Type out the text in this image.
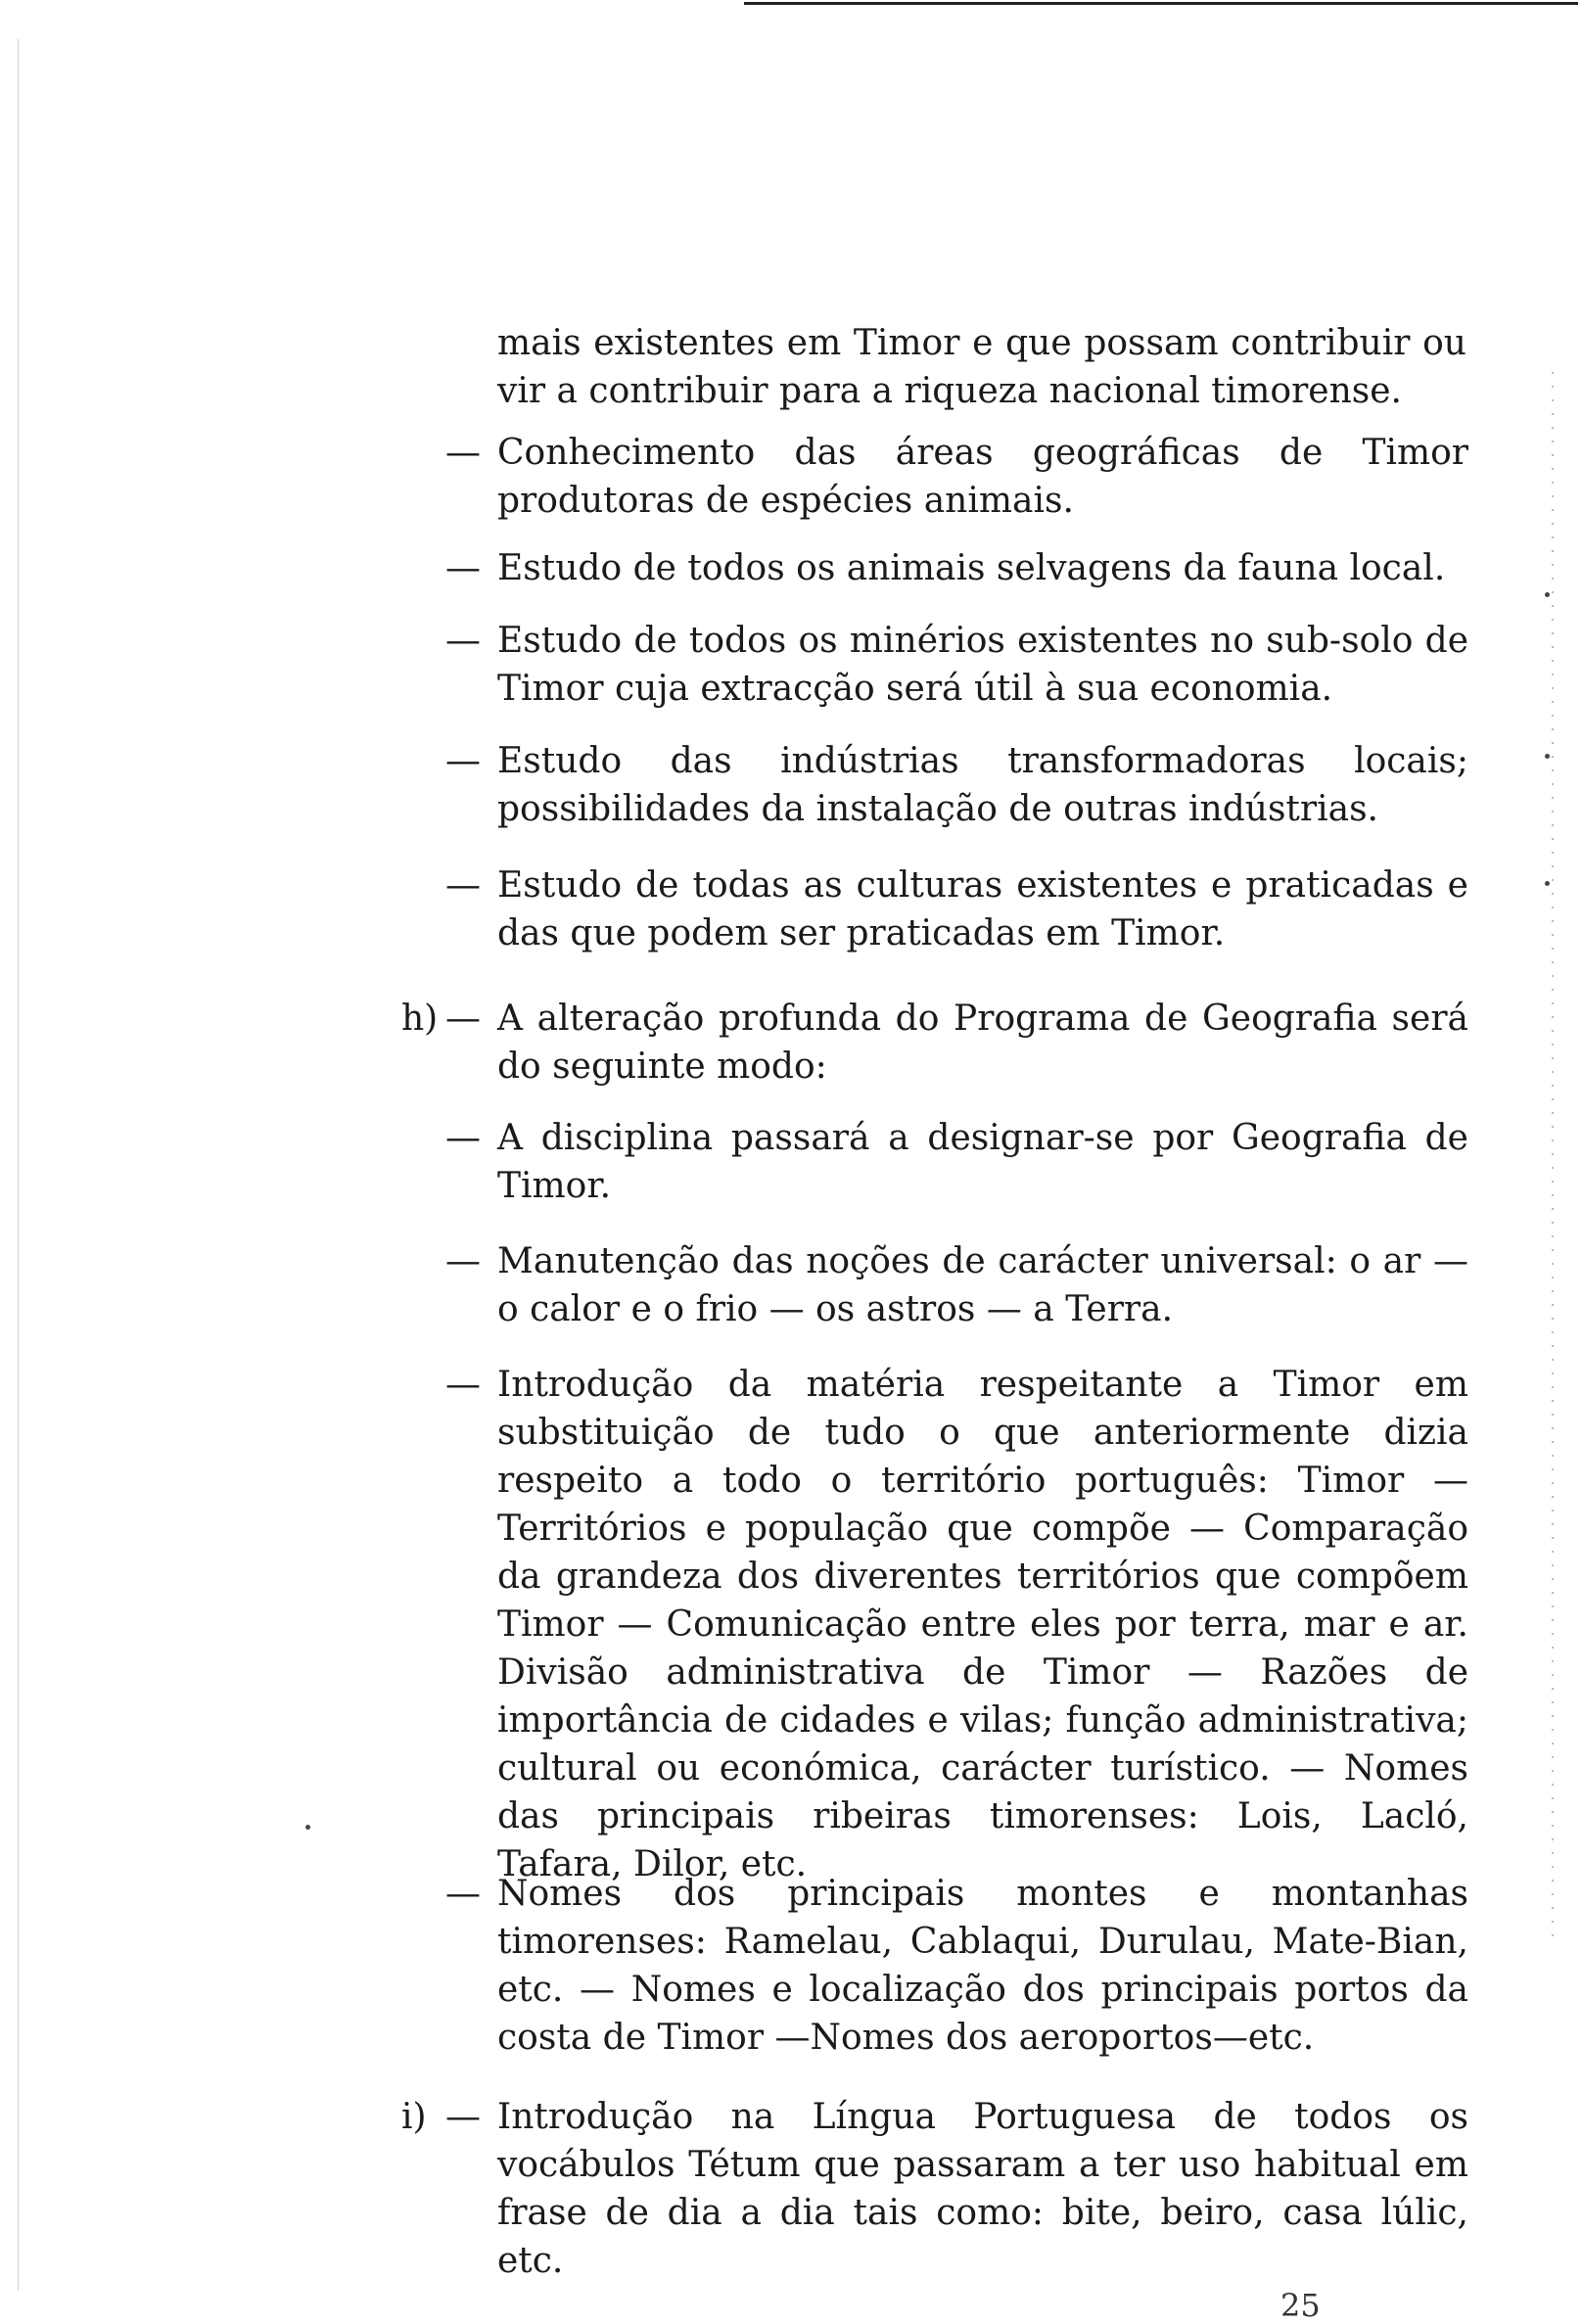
mais existentes em Timor e que possam contribuir ou vir a contribuir para a riqueza nacional timorense.
— Conhecimento das áreas geográficas de Timor produtoras de espécies animais.
— Estudo de todos os animais selvagens da fauna local.
— Estudo de todos os minérios existentes no sub-solo de Timor cuja extracção será útil à sua economia.
— Estudo das indústrias transformadoras locais; possibilidades da instalação de outras indústrias.
— Estudo de todas as culturas existentes e praticadas e das que podem ser praticadas em Timor.
h) — A alteração profunda do Programa de Geografia será do seguinte modo:
— A disciplina passará a designar-se por Geografia de Timor.
— Manutenção das noções de carácter universal: o ar — o calor e o frio — os astros — a Terra.
— Introdução da matéria respeitante a Timor em substituição de tudo o que anteriormente dizia respeito a todo o território português: Timor — Territórios e população que compõe — Comparação da grandeza dos diverentes territórios que compõem Timor — Comunicação entre eles por terra, mar e ar. Divisão administrativa de Timor — Razões de importância de cidades e vilas; função administrativa; cultural ou económica, carácter turístico. — Nomes das principais ribeiras timorenses: Lois, Lacló, Tafara, Dilor, etc.
— Nomes dos principais montes e montanhas timorenses: Ramelau, Cablaqui, Durulau, Mate-Bian, etc. — Nomes e localização dos principais portos da costa de Timor —Nomes dos aeroportos—etc.
i) — Introdução na Língua Portuguesa de todos os vocábulos Tétum que passaram a ter uso habitual em frase de dia a dia tais como: bite, beiro, casa lúlic, etc.
25
